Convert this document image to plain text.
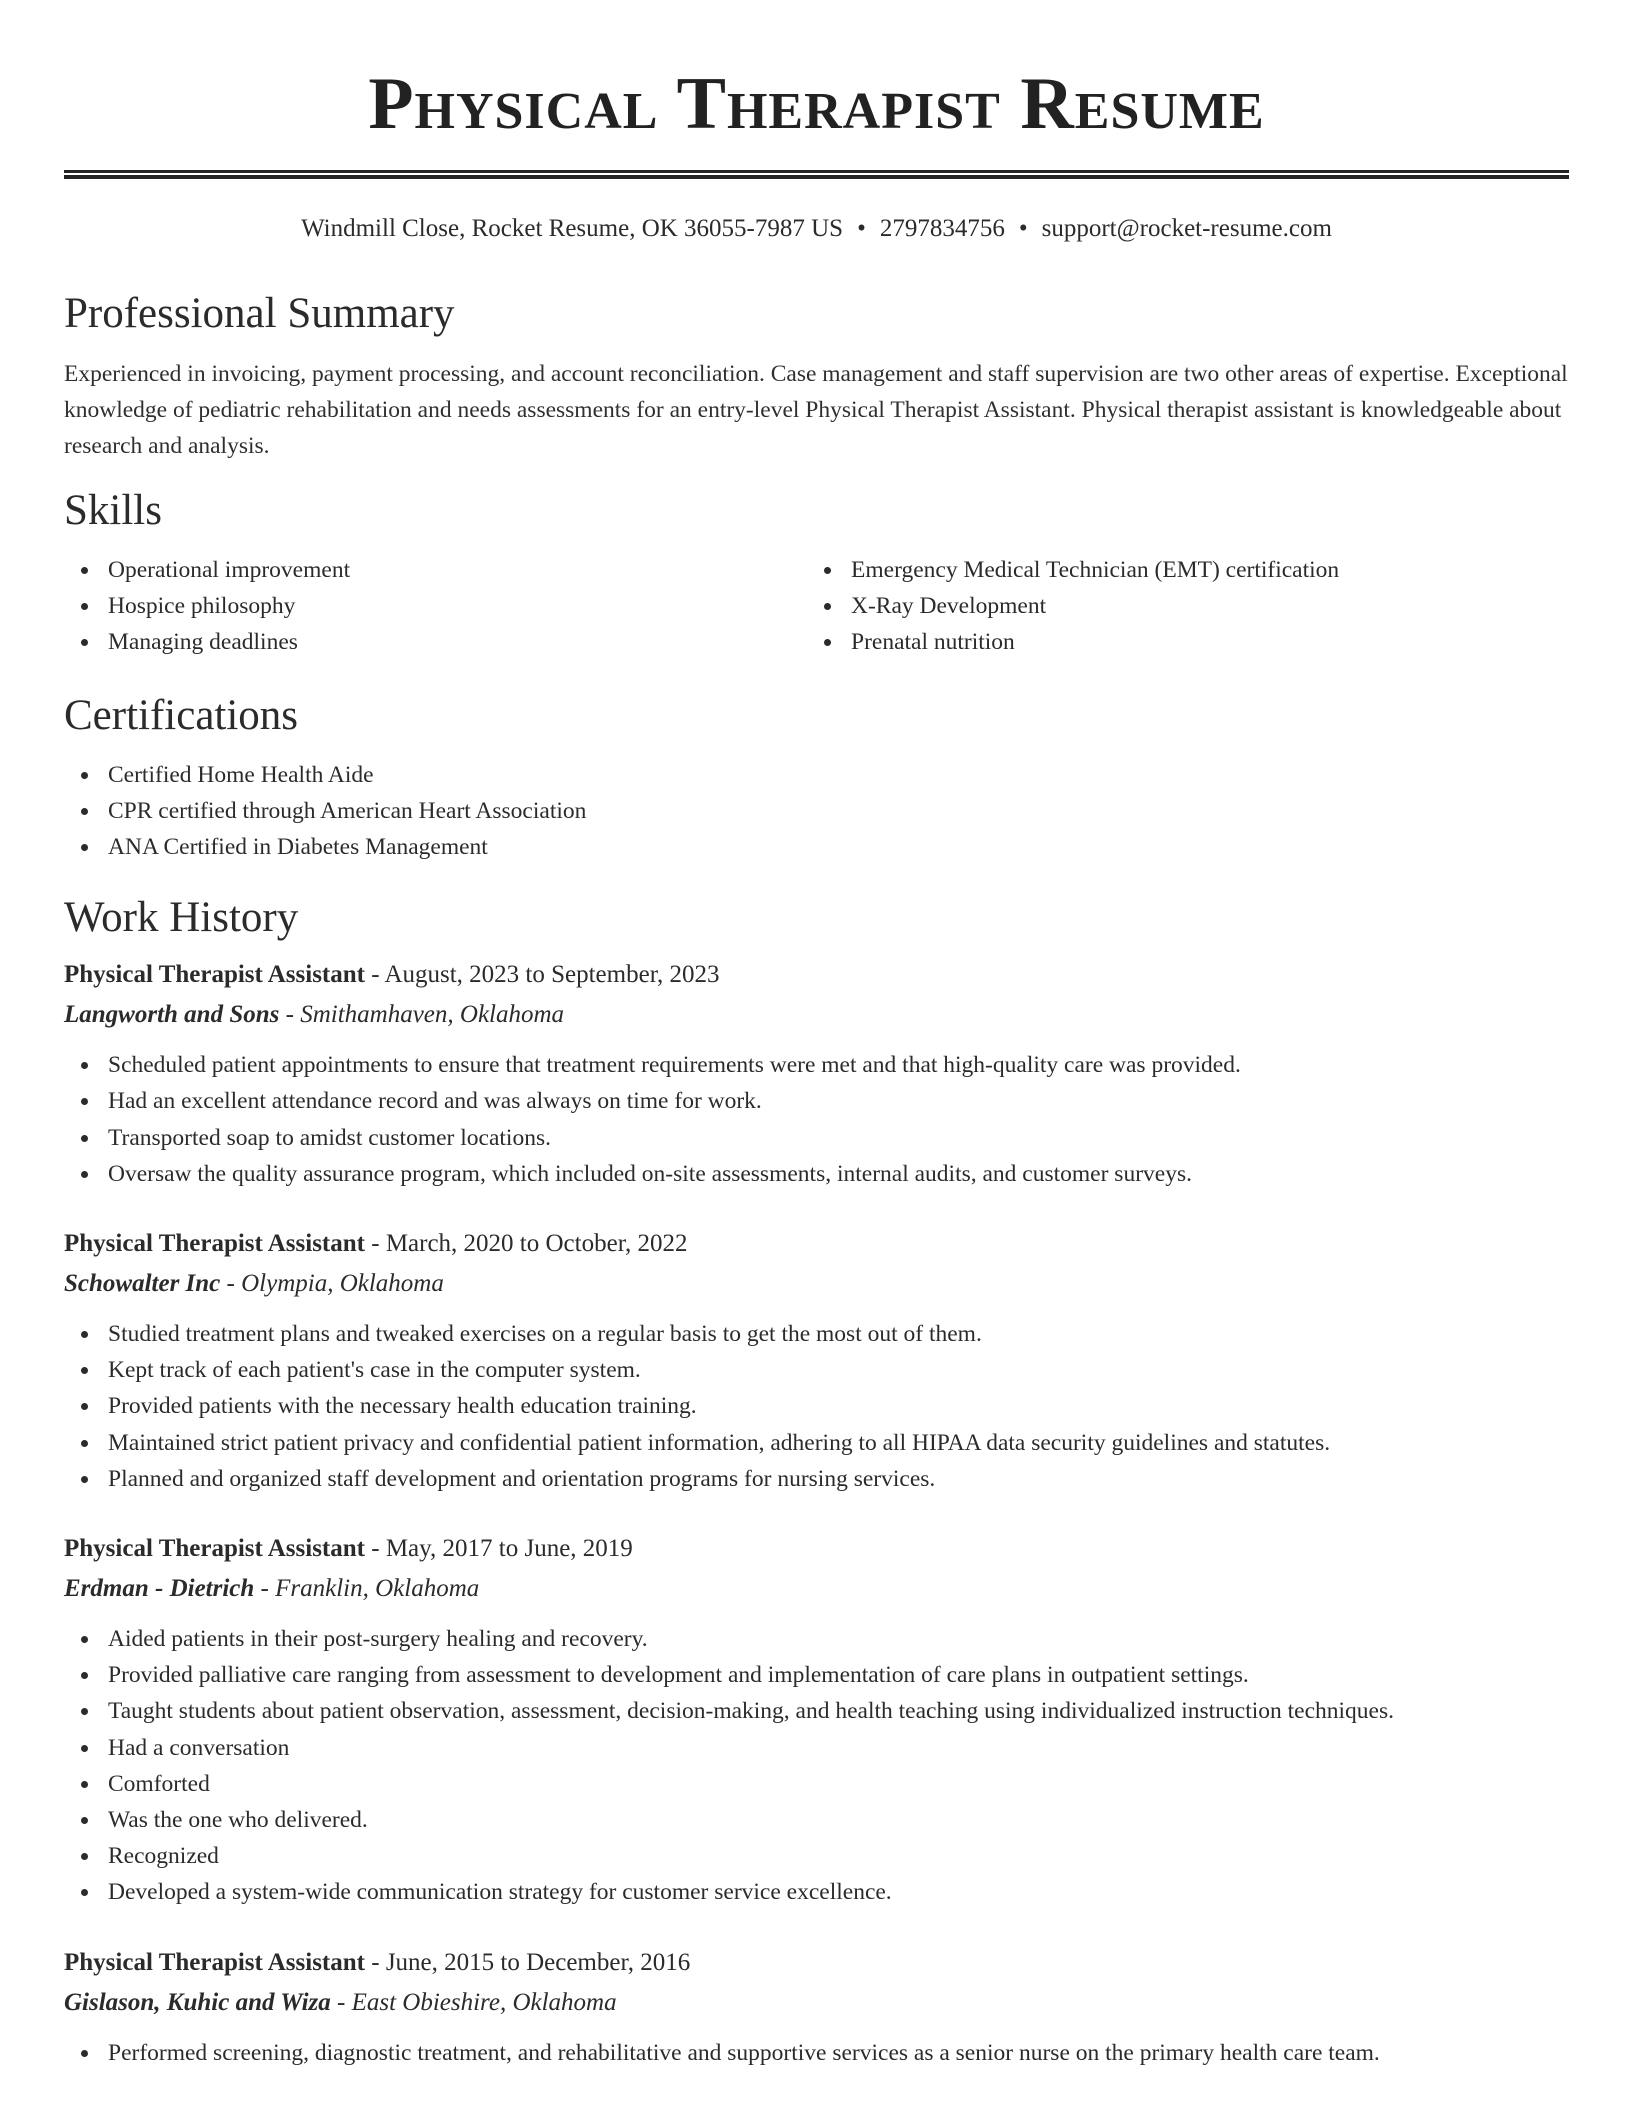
Physical Therapist Resume
Windmill Close, Rocket Resume, OK 36055-7987 US • 2797834756 • support@rocket-resume.com
Professional Summary

Experienced in invoicing, payment processing, and account reconciliation. Case management and staff supervision are two other areas of expertise. Exceptional knowledge of pediatric rehabilitation and needs assessments for an entry-level Physical Therapist Assistant. Physical therapist assistant is knowledgeable about research and analysis.

Skills
Operational improvement
Hospice philosophy
Managing deadlines
Emergency Medical Technician (EMT) certification
X-Ray Development
Prenatal nutrition
Certifications
Certified Home Health Aide
CPR certified through American Heart Association
ANA Certified in Diabetes Management
Work History
Physical Therapist Assistant - August, 2023 to September, 2023
Langworth and Sons - Smithamhaven, Oklahoma
Scheduled patient appointments to ensure that treatment requirements were met and that high-quality care was provided.
Had an excellent attendance record and was always on time for work.
Transported soap to amidst customer locations.
Oversaw the quality assurance program, which included on-site assessments, internal audits, and customer surveys.
Physical Therapist Assistant - March, 2020 to October, 2022
Schowalter Inc - Olympia, Oklahoma
Studied treatment plans and tweaked exercises on a regular basis to get the most out of them.
Kept track of each patient's case in the computer system.
Provided patients with the necessary health education training.
Maintained strict patient privacy and confidential patient information, adhering to all HIPAA data security guidelines and statutes.
Planned and organized staff development and orientation programs for nursing services.
Physical Therapist Assistant - May, 2017 to June, 2019
Erdman - Dietrich - Franklin, Oklahoma
Aided patients in their post-surgery healing and recovery.
Provided palliative care ranging from assessment to development and implementation of care plans in outpatient settings.
Taught students about patient observation, assessment, decision-making, and health teaching using individualized instruction techniques.
Had a conversation
Comforted
Was the one who delivered.
Recognized
Developed a system-wide communication strategy for customer service excellence.
Physical Therapist Assistant - June, 2015 to December, 2016
Gislason, Kuhic and Wiza - East Obieshire, Oklahoma
Performed screening, diagnostic treatment, and rehabilitative and supportive services as a senior nurse on the primary health care team.
